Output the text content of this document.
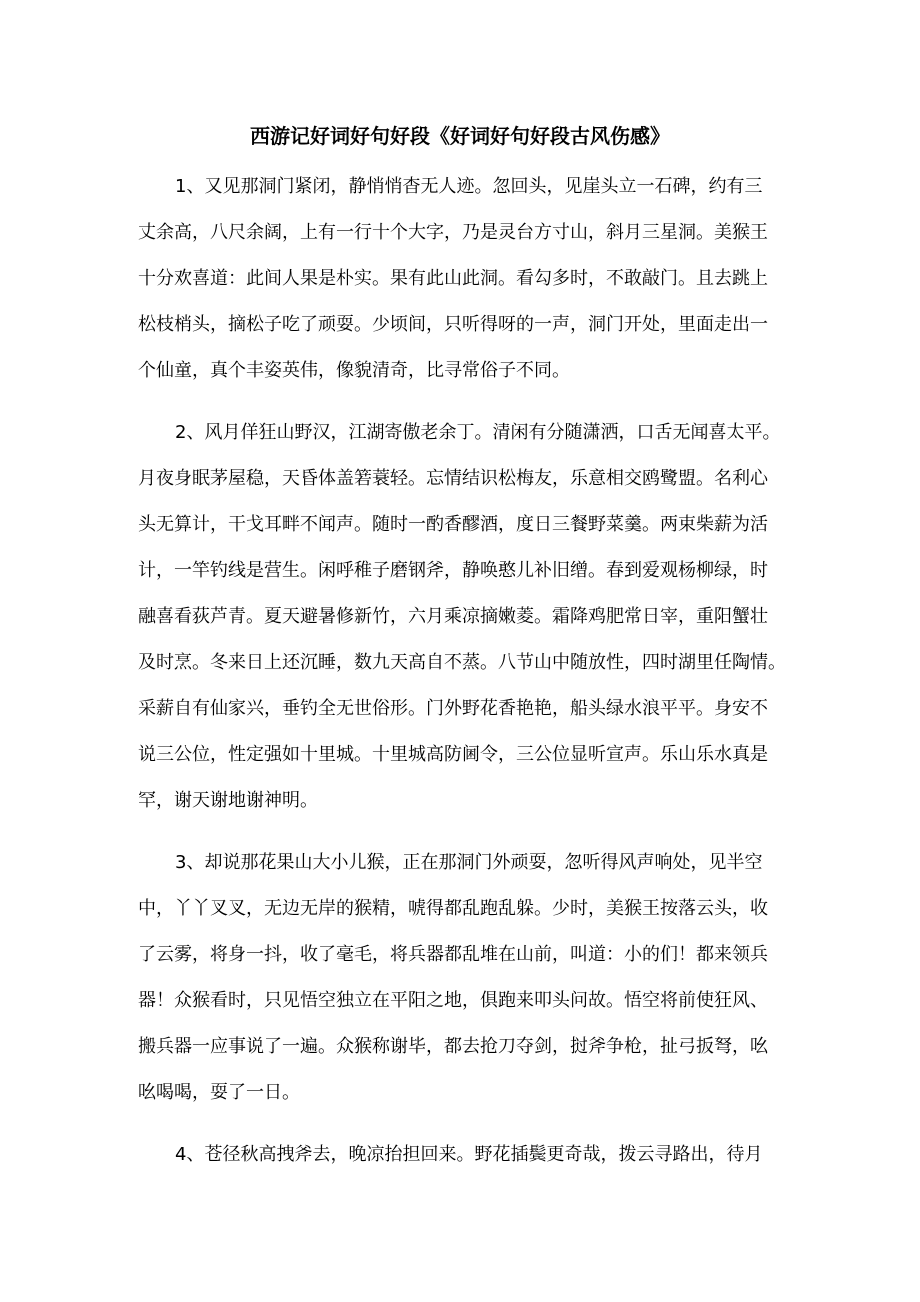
西游记好词好句好段《好词好句好段古风伤感》

1、又见那洞门紧闭，静悄悄杳无人迹。忽回头，见崖头立一石碑，约有三
丈余高，八尺余阔，上有一行十个大字，乃是灵台方寸山，斜月三星洞。美猴王
十分欢喜道：此间人果是朴实。果有此山此洞。看勾多时，不敢敲门。且去跳上
松枝梢头，摘松子吃了顽耍。少顷间，只听得呀的一声，洞门开处，里面走出一
个仙童，真个丰姿英伟，像貌清奇，比寻常俗子不同。

2、风月佯狂山野汉，江湖寄傲老余丁。清闲有分随潇洒，口舌无闻喜太平。
月夜身眠茅屋稳，天昏体盖箬蓑轻。忘情结识松梅友，乐意相交鸥鹭盟。名利心
头无算计，干戈耳畔不闻声。随时一酌香醪酒，度日三餐野菜羹。两束柴薪为活
计，一竿钓线是营生。闲呼稚子磨钢斧，静唤憨儿补旧缯。春到爱观杨柳绿，时
融喜看荻芦青。夏天避暑修新竹，六月乘凉摘嫩菱。霜降鸡肥常日宰，重阳蟹壮
及时烹。冬来日上还沉睡，数九天高自不蒸。八节山中随放性，四时湖里任陶情。
采薪自有仙家兴，垂钓全无世俗形。门外野花香艳艳，船头绿水浪平平。身安不
说三公位，性定强如十里城。十里城高防阃令，三公位显听宣声。乐山乐水真是
罕，谢天谢地谢神明。

3、却说那花果山大小儿猴，正在那洞门外顽耍，忽听得风声响处，见半空
中，丫丫叉叉，无边无岸的猴精，唬得都乱跑乱躲。少时，美猴王按落云头，收
了云雾，将身一抖，收了毫毛，将兵器都乱堆在山前，叫道：小的们！都来领兵
器！众猴看时，只见悟空独立在平阳之地，俱跑来叩头问故。悟空将前使狂风、
搬兵器一应事说了一遍。众猴称谢毕，都去抢刀夺剑，挝斧争枪，扯弓扳弩，吆
吆喝喝，耍了一日。

4、苍径秋高拽斧去，晚凉抬担回来。野花插鬓更奇哉，拨云寻路出，待月
